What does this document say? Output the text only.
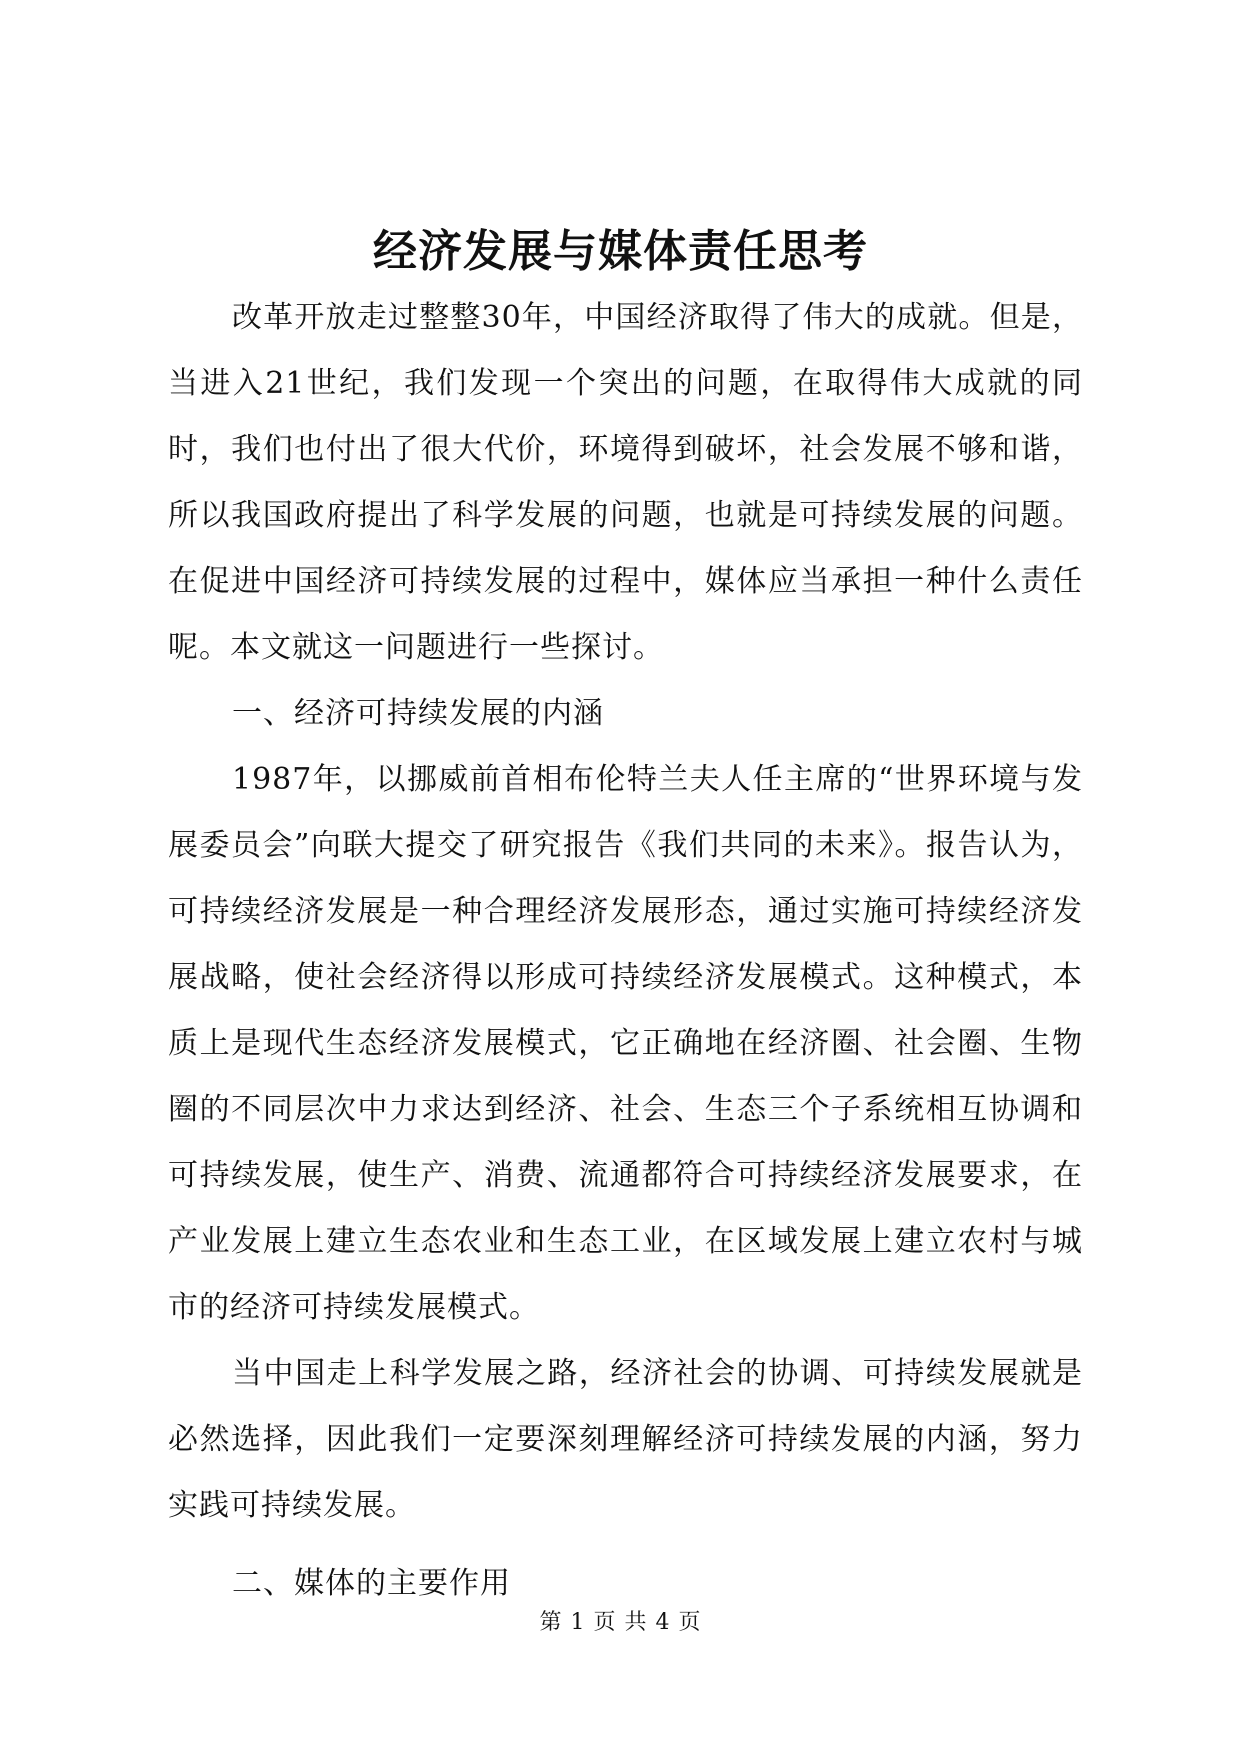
经济发展与媒体责任思考

改革开放走过整整30年，中国经济取得了伟大的成就。但是，当进入21世纪，我们发现一个突出的问题，在取得伟大成就的同时，我们也付出了很大代价，环境得到破坏，社会发展不够和谐，所以我国政府提出了科学发展的问题，也就是可持续发展的问题。在促进中国经济可持续发展的过程中，媒体应当承担一种什么责任呢。本文就这一问题进行一些探讨。

一、经济可持续发展的内涵

1987年，以挪威前首相布伦特兰夫人任主席的“世界环境与发展委员会”向联大提交了研究报告《我们共同的未来》。报告认为，可持续经济发展是一种合理经济发展形态，通过实施可持续经济发展战略，使社会经济得以形成可持续经济发展模式。这种模式，本质上是现代生态经济发展模式，它正确地在经济圈、社会圈、生物圈的不同层次中力求达到经济、社会、生态三个子系统相互协调和可持续发展，使生产、消费、流通都符合可持续经济发展要求，在产业发展上建立生态农业和生态工业，在区域发展上建立农村与城市的经济可持续发展模式。

当中国走上科学发展之路，经济社会的协调、可持续发展就是必然选择，因此我们一定要深刻理解经济可持续发展的内涵，努力实践可持续发展。

二、媒体的主要作用

第 1 页 共 4 页
